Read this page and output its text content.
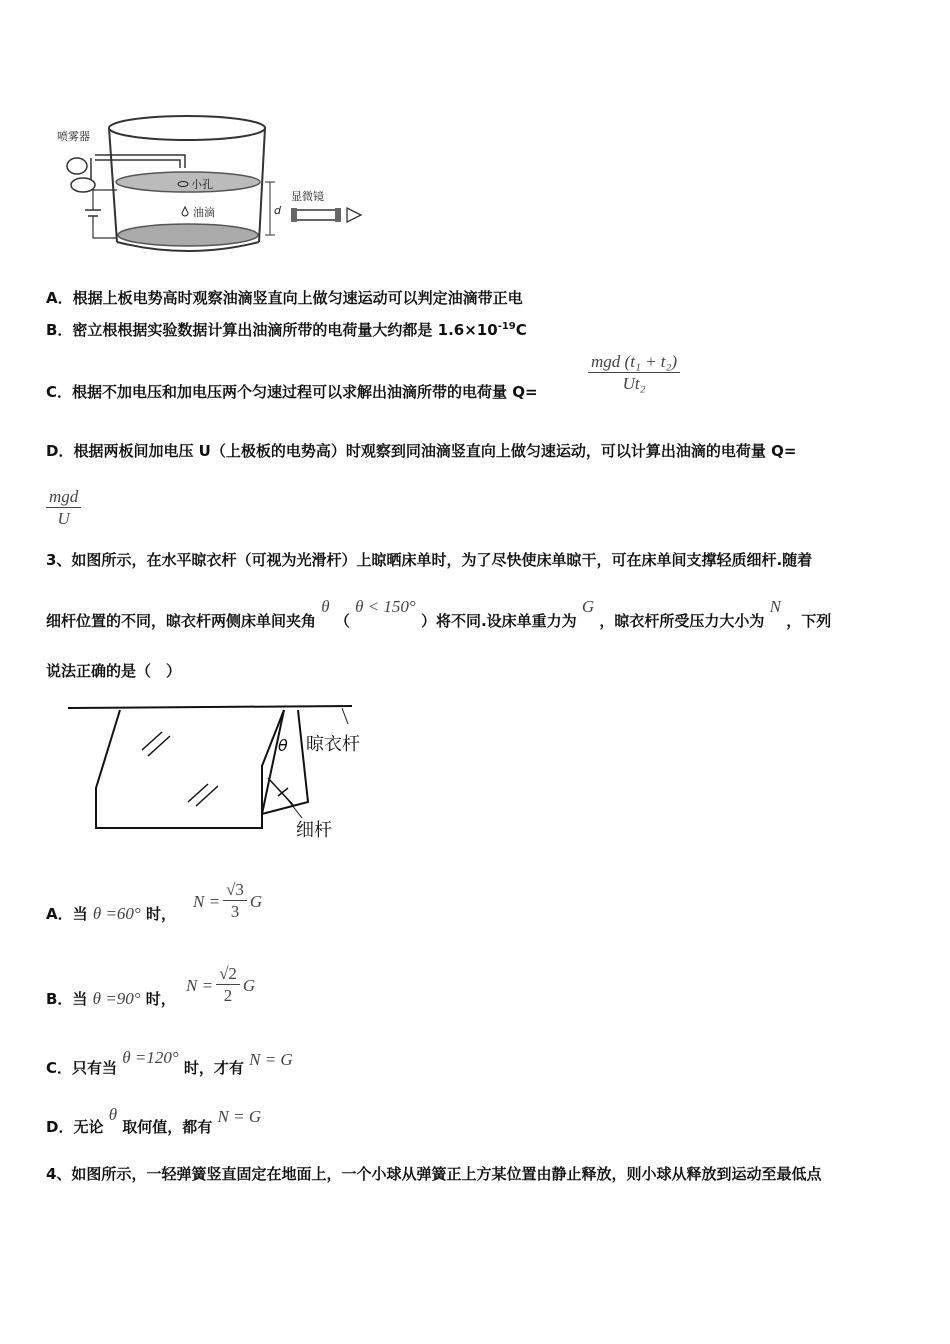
喷雾器
小孔
油滴	d
显微镜
A．根据上板电势高时观察油滴竖直向上做匀速运动可以判定油滴带正电
B．密立根根据实验数据计算出油滴所带的电荷量大约都是 $1.6\times 10^{-19}C$
C．根据不加电压和加电压两个匀速过程可以求解出油滴所带的电荷量 Q=
mgd (t₁ + t₂)
Ut₂
D．根据两板间加电压 U（上极板的电势高）时观察到同油滴竖直向上做匀速运动，可以计算出油滴的电荷量 Q=
mgd
U
3、如图所示，在水平晾衣杆（可视为光滑杆）上晾晒床单时，为了尽快使床单晾干，可在床单间支撑轻质细杆.随着
细杆位置的不同，晾衣杆两侧床单间夹角 θ （ θ < 150° ）将不同.设床单重力为 G ，晾衣杆所受压力大小为 N ，下列
说法正确的是（　）
θ 晾衣杆
细杆
A．当 θ =60° 时，
$N = \frac{√3}{3}$ G
B．当 θ =90° 时，
$N = \frac{√2}{2}$ G
C．只有当 θ =120° 时，才有 N = G
D．无论 θ 取何值，都有 N = G
4、如图所示，一轻弹簧竖直固定在地面上，一个小球从弹簧正上方某位置由静止释放，则小球从释放到运动至最低点
